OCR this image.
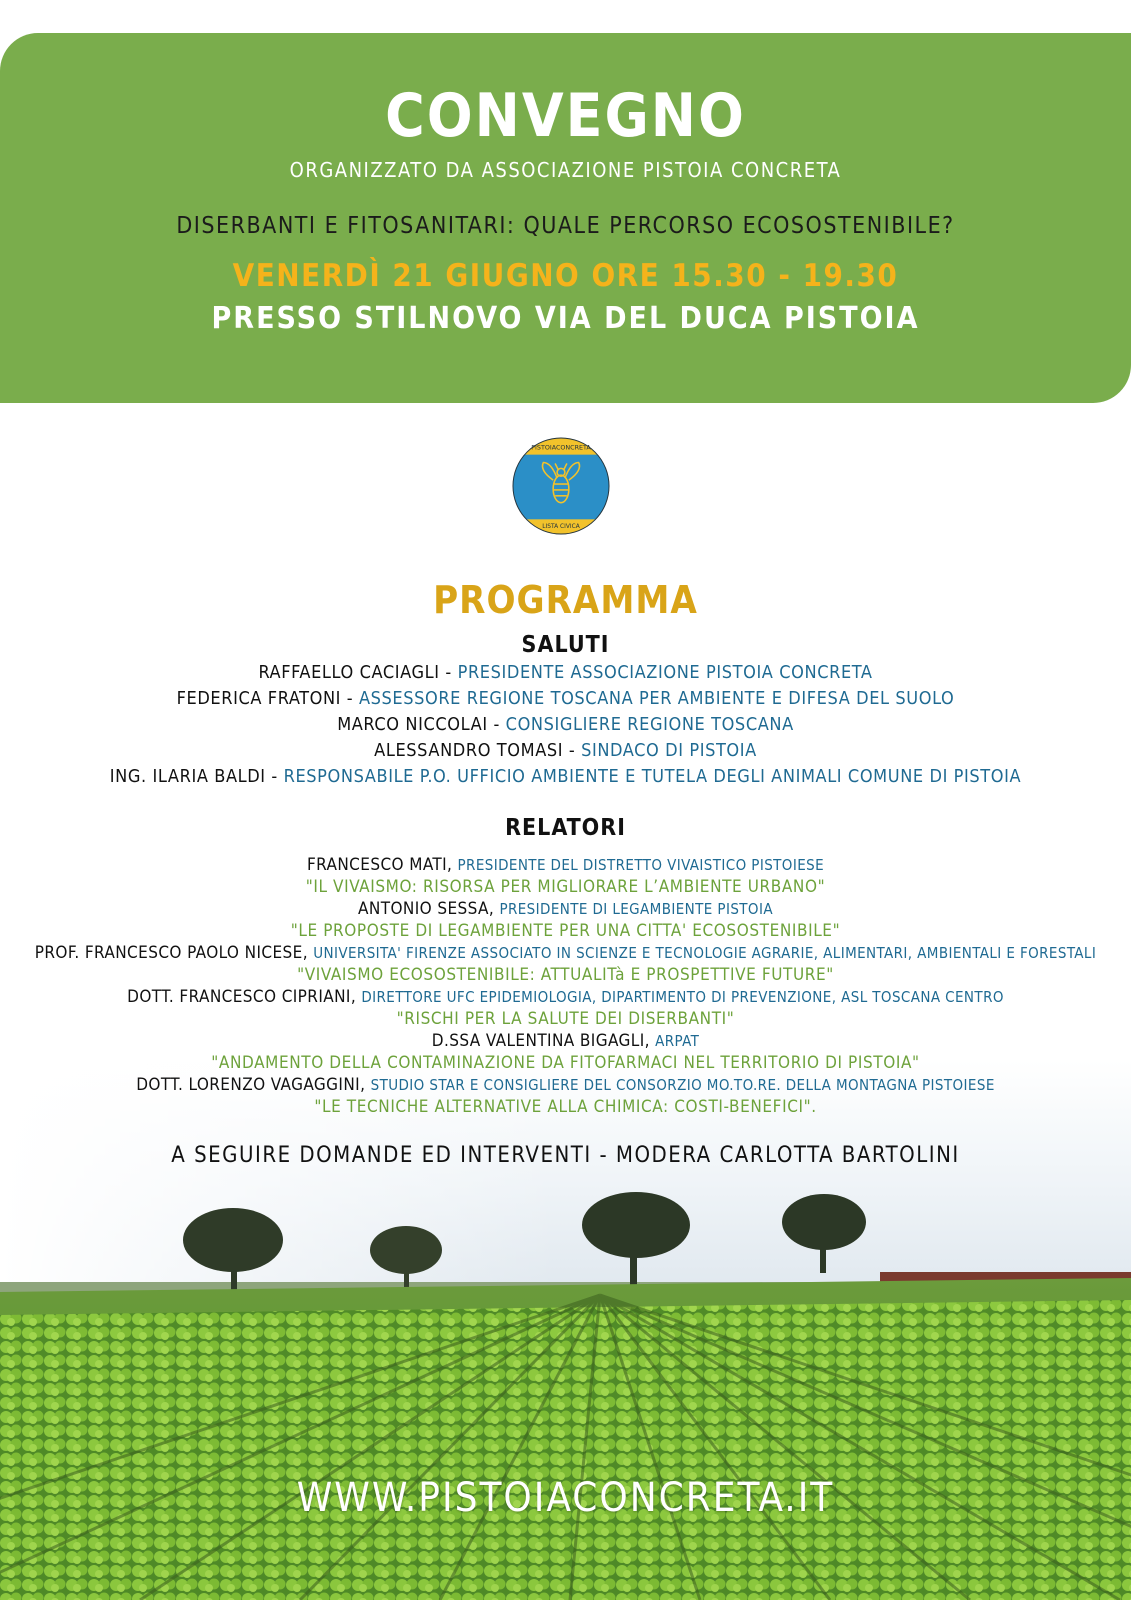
CONVEGNO
ORGANIZZATO DA ASSOCIAZIONE PISTOIA CONCRETA
DISERBANTI E FITOSANITARI: QUALE PERCORSO ECOSOSTENIBILE?
VENERDÌ 21 GIUGNO ORE 15.30 - 19.30
PRESSO STILNOVO VIA DEL DUCA PISTOIA
PISTOIACONCRETA
LISTA CIVICA
PROGRAMMA
SALUTI
RAFFAELLO CACIAGLI - PRESIDENTE ASSOCIAZIONE PISTOIA CONCRETA
FEDERICA FRATONI - ASSESSORE REGIONE TOSCANA PER AMBIENTE E DIFESA DEL SUOLO
MARCO NICCOLAI - CONSIGLIERE REGIONE TOSCANA
ALESSANDRO TOMASI - SINDACO DI PISTOIA
ING. ILARIA BALDI - RESPONSABILE P.O. UFFICIO AMBIENTE E TUTELA DEGLI ANIMALI COMUNE DI PISTOIA
RELATORI
FRANCESCO MATI, PRESIDENTE DEL DISTRETTO VIVAISTICO PISTOIESE
"IL VIVAISMO: RISORSA PER MIGLIORARE L’AMBIENTE URBANO"
ANTONIO SESSA, PRESIDENTE DI LEGAMBIENTE PISTOIA
"LE PROPOSTE DI LEGAMBIENTE PER UNA CITTA' ECOSOSTENIBILE"
PROF. FRANCESCO PAOLO NICESE, UNIVERSITA' FIRENZE ASSOCIATO IN SCIENZE E TECNOLOGIE AGRARIE, ALIMENTARI, AMBIENTALI E FORESTALI
"VIVAISMO ECOSOSTENIBILE: ATTUALITà E PROSPETTIVE FUTURE"
DOTT. FRANCESCO CIPRIANI, DIRETTORE UFC EPIDEMIOLOGIA, DIPARTIMENTO DI PREVENZIONE, ASL TOSCANA CENTRO
"RISCHI PER LA SALUTE DEI DISERBANTI"
D.SSA VALENTINA BIGAGLI, ARPAT
"ANDAMENTO DELLA CONTAMINAZIONE DA FITOFARMACI NEL TERRITORIO DI PISTOIA"
A SEGUIRE DOMANDE ED INTERVENTI - MODERA CARLOTTA BARTOLINI
DOTT. LORENZO VAGAGGINI, STUDIO STAR E CONSIGLIERE DEL CONSORZIO MO.TO.RE. DELLA MONTAGNA PISTOIESE
"LE TECNICHE ALTERNATIVE ALLA CHIMICA: COSTI-BENEFICI".
WWW.PISTOIACONCRETA.IT
